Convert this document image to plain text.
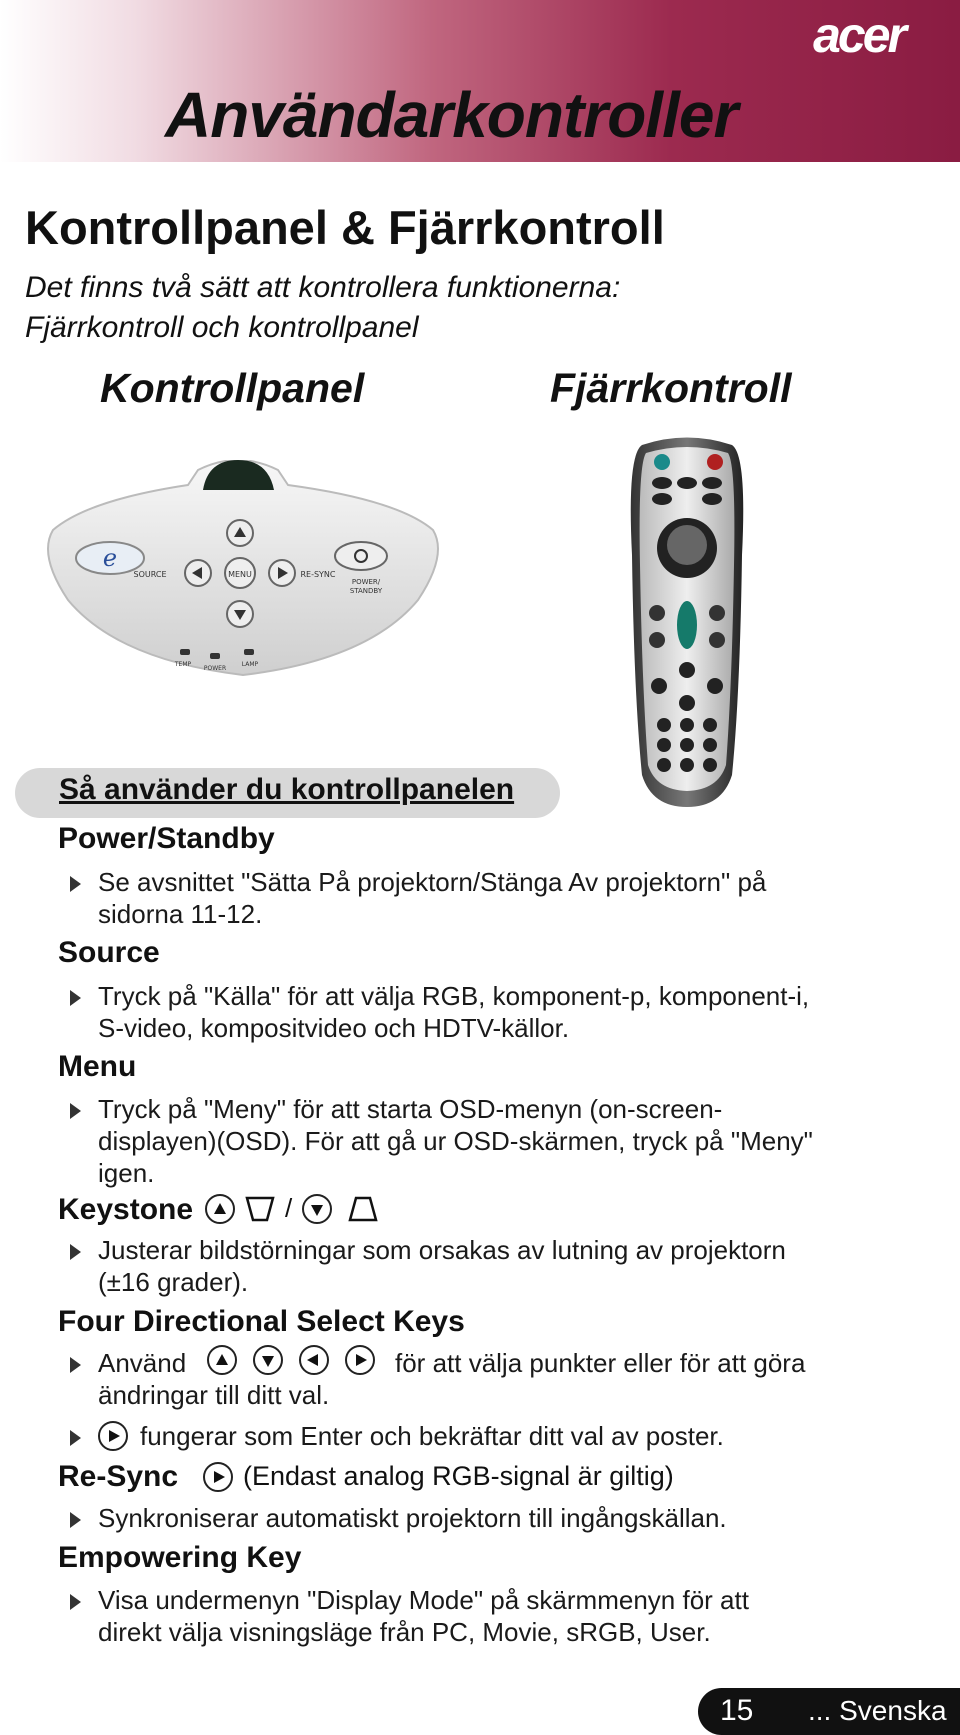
acer
Användarkontroller
Kontrollpanel & Fjärrkontroll
Det finns två sätt att kontrollera funktionerna:
Fjärrkontroll och kontrollpanel
Kontrollpanel	Fjärrkontroll
e
MENU
SOURCE	RE-SYNC
POWER/
STANDBY
TEMP
POWER
LAMP
Så använder du kontrollpanelen
Power/Standby
Se avsnittet "Sätta På projektorn/Stänga Av projektorn" på
sidorna 11-12.
Source
Tryck på "Källa" för att välja RGB, komponent-p, komponent-i,
S-video, kompositvideo och HDTV-källor.
Menu
Tryck på "Meny" för att starta OSD-menyn (on-screen-
displayen)(OSD). För att gå ur OSD-skärmen, tryck på "Meny"
igen.
Keystone	/
Justerar bildstörningar som orsakas av lutning av projektorn
(±16 grader).
Four Directional Select Keys
Använd
ändringar till ditt val.
för att välja punkter eller för att göra
fungerar som Enter och bekräftar ditt val av poster.
Re-Sync (Endast analog RGB-signal är giltig)
Synkroniserar automatiskt projektorn till ingångskällan.
Empowering Key
Visa undermenyn "Display Mode" på skärmmenyn för att
direkt välja visningsläge från PC, Movie, sRGB, User.
15 ... Svenska
